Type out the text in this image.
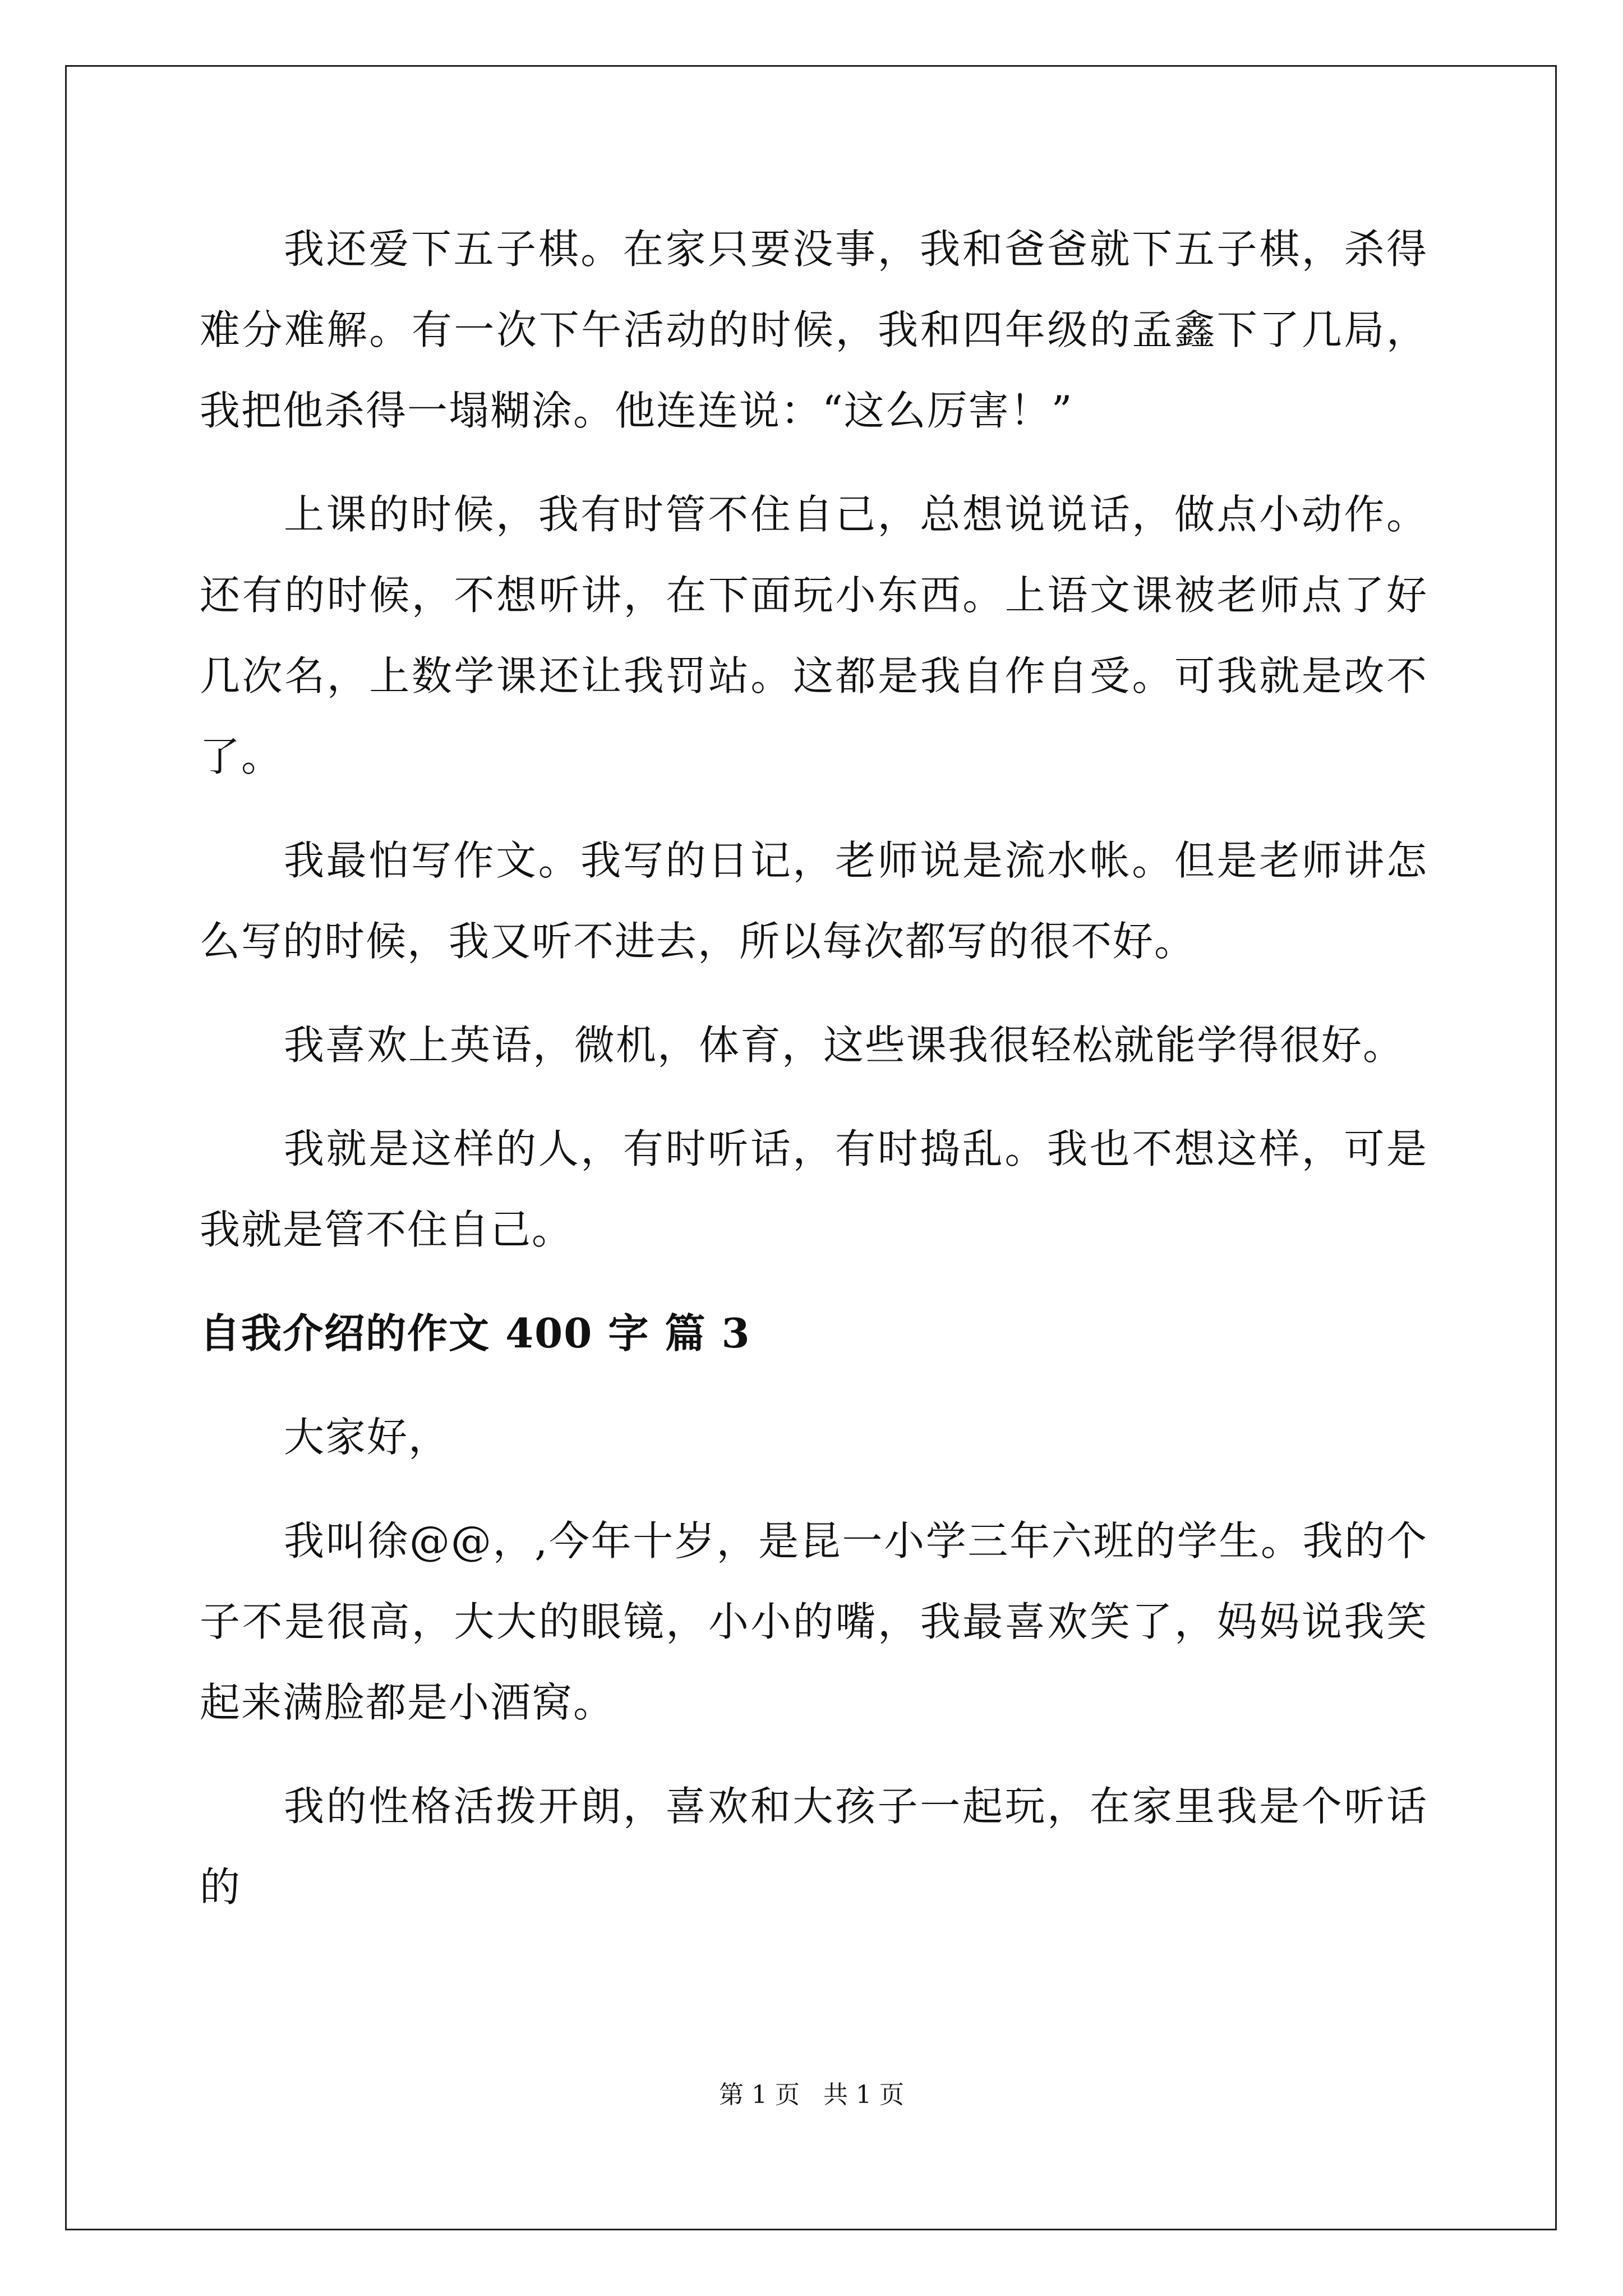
我还爱下五子棋。在家只要没事，我和爸爸就下五子棋，杀得难分难解。有一次下午活动的时候，我和四年级的孟鑫下了几局，我把他杀得一塌糊涂。他连连说：“这么厉害！”

上课的时候，我有时管不住自己，总想说说话，做点小动作。还有的时候，不想听讲，在下面玩小东西。上语文课被老师点了好几次名，上数学课还让我罚站。这都是我自作自受。可我就是改不了。

我最怕写作文。我写的日记，老师说是流水帐。但是老师讲怎么写的时候，我又听不进去，所以每次都写的很不好。

我喜欢上英语，微机，体育，这些课我很轻松就能学得很好。

我就是这样的人，有时听话，有时捣乱。我也不想这样，可是我就是管不住自己。

自我介绍的作文 400 字 篇 3

大家好，

我叫徐@@，,今年十岁，是昆一小学三年六班的学生。我的个子不是很高，大大的眼镜，小小的嘴，我最喜欢笑了，妈妈说我笑起来满脸都是小酒窝。

我的性格活拨开朗，喜欢和大孩子一起玩，在家里我是个听话的

第 1 页   共 1 页
